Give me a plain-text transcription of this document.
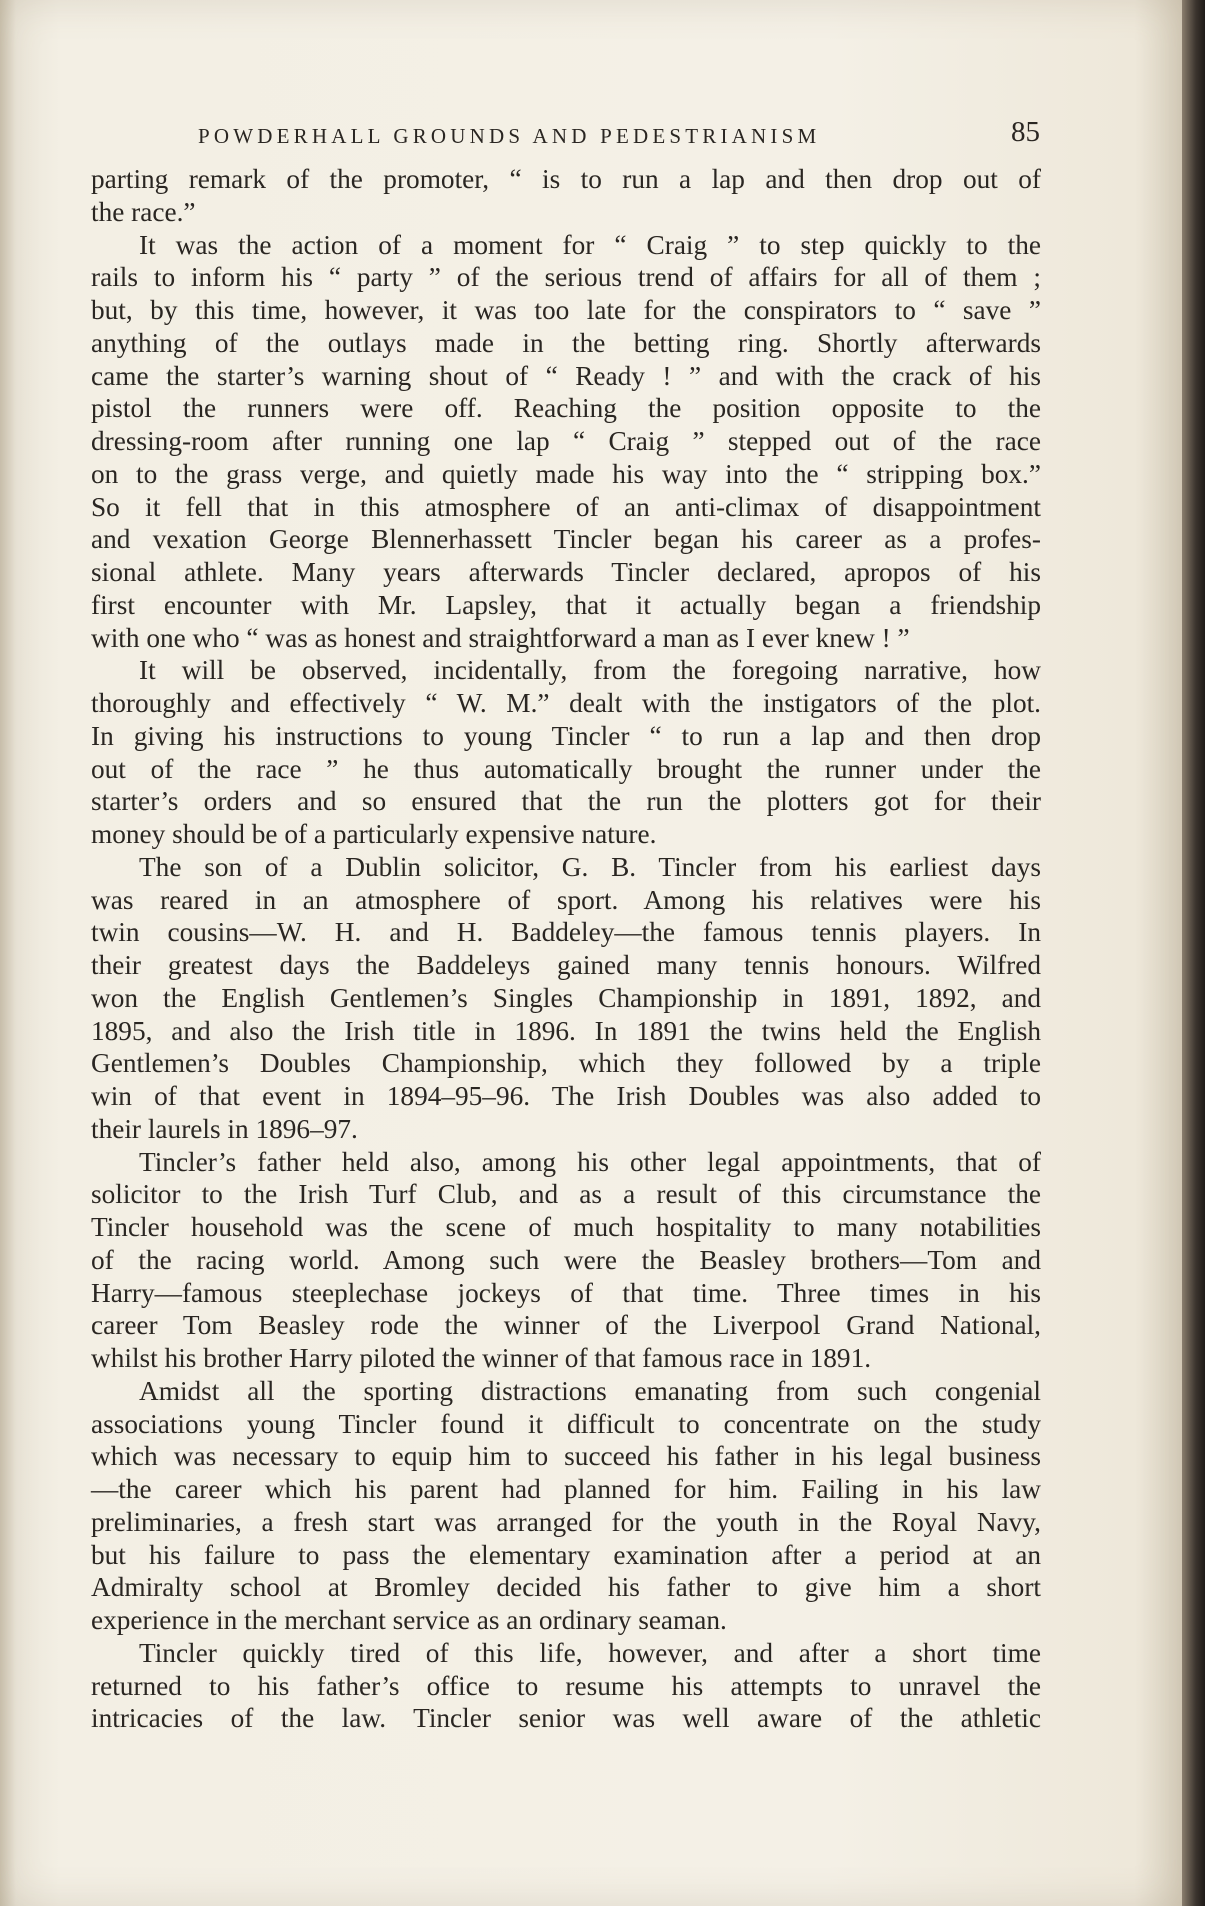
POWDERHALL GROUNDS AND PEDESTRIANISM	85

parting remark of the promoter, “ is to run a lap and then drop out of

the race.”

It was the action of a moment for “ Craig ” to step quickly to the

rails to inform his “ party ” of the serious trend of affairs for all of them ;

but, by this time, however, it was too late for the conspirators to “ save ”

anything of the outlays made in the betting ring. Shortly afterwards

came the starter’s warning shout of “ Ready ! ” and with the crack of his

pistol the runners were off. Reaching the position opposite to the

dressing-room after running one lap “ Craig ” stepped out of the race

on to the grass verge, and quietly made his way into the “ stripping box.”

So it fell that in this atmosphere of an anti-climax of disappointment

and vexation George Blennerhassett Tincler began his career as a profes-

sional athlete. Many years afterwards Tincler declared, apropos of his

first encounter with Mr. Lapsley, that it actually began a friendship

with one who “ was as honest and straightforward a man as I ever knew ! ”

It will be observed, incidentally, from the foregoing narrative, how

thoroughly and effectively “ W. M.” dealt with the instigators of the plot.

In giving his instructions to young Tincler “ to run a lap and then drop

out of the race ” he thus automatically brought the runner under the

starter’s orders and so ensured that the run the plotters got for their

money should be of a particularly expensive nature.

The son of a Dublin solicitor, G. B. Tincler from his earliest days

was reared in an atmosphere of sport. Among his relatives were his

twin cousins—W. H. and H. Baddeley—the famous tennis players. In

their greatest days the Baddeleys gained many tennis honours. Wilfred

won the English Gentlemen’s Singles Championship in 1891, 1892, and

1895, and also the Irish title in 1896. In 1891 the twins held the English

Gentlemen’s Doubles Championship, which they followed by a triple

win of that event in 1894–95–96. The Irish Doubles was also added to

their laurels in 1896–97.

Tincler’s father held also, among his other legal appointments, that of

solicitor to the Irish Turf Club, and as a result of this circumstance the

Tincler household was the scene of much hospitality to many notabilities

of the racing world. Among such were the Beasley brothers—Tom and

Harry—famous steeplechase jockeys of that time. Three times in his

career Tom Beasley rode the winner of the Liverpool Grand National,

whilst his brother Harry piloted the winner of that famous race in 1891.

Amidst all the sporting distractions emanating from such congenial

associations young Tincler found it difficult to concentrate on the study

which was necessary to equip him to succeed his father in his legal business

—the career which his parent had planned for him. Failing in his law

preliminaries, a fresh start was arranged for the youth in the Royal Navy,

but his failure to pass the elementary examination after a period at an

Admiralty school at Bromley decided his father to give him a short

experience in the merchant service as an ordinary seaman.

Tincler quickly tired of this life, however, and after a short time

returned to his father’s office to resume his attempts to unravel the

intricacies of the law. Tincler senior was well aware of the athletic
